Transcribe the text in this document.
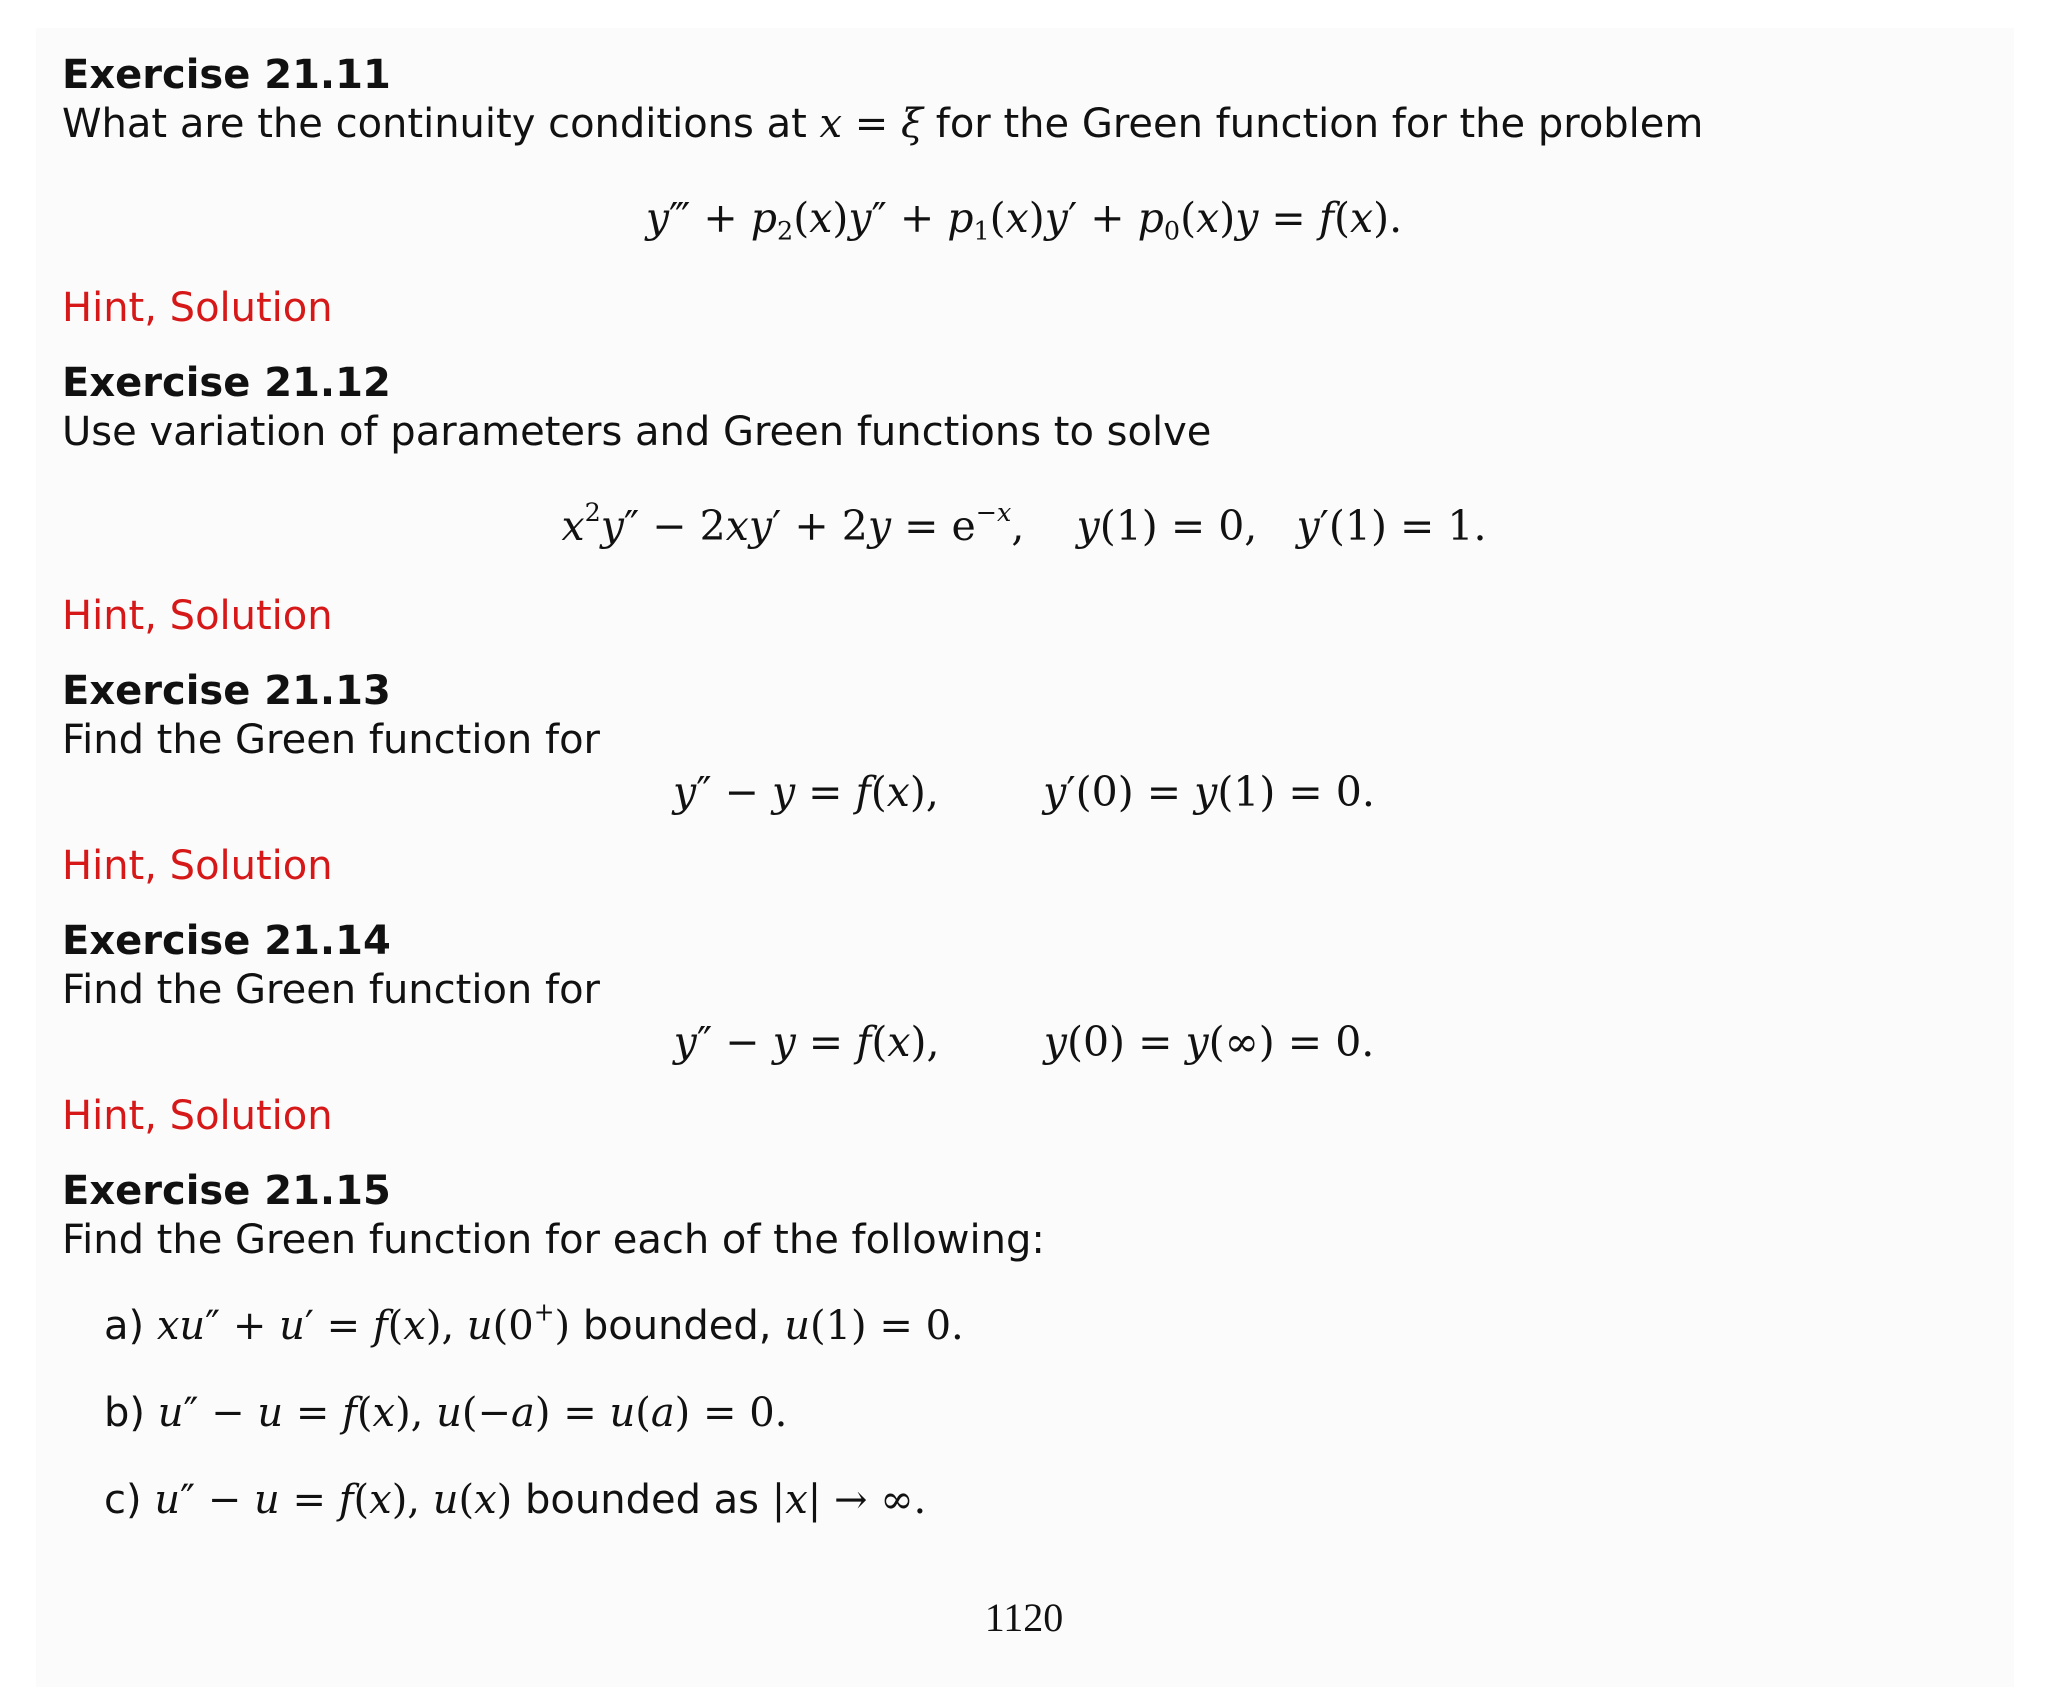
Exercise 21.11
What are the continuity conditions at x = ξ for the Green function for the problem
y‴ + $p_2(x)y'' + p_1(x)y' + p_0(x)y = f(x)$.
Hint, Solution
Exercise 21.12
Use variation of parameters and Green functions to solve
$x^2y'' - 2xy' + 2y = e^{-x}$,    y(1) = 0,   y′(1) = 1.
Hint, Solution
Exercise 21.13
Find the Green function for
y″ − y = f(x),        y′(0) = y(1) = 0.
Hint, Solution
Exercise 21.14
Find the Green function for
y″ − y = f(x),        y(0) = y(∞) = 0.
Hint, Solution
Exercise 21.15
Find the Green function for each of the following:
a) xu″ + u′ = f(x), u(0+) bounded, u(1) = 0.
b) u″ − u = f(x), u(−a) = u(a) = 0.
c) u″ − u = f(x), u(x) bounded as |x| → ∞.
1120
